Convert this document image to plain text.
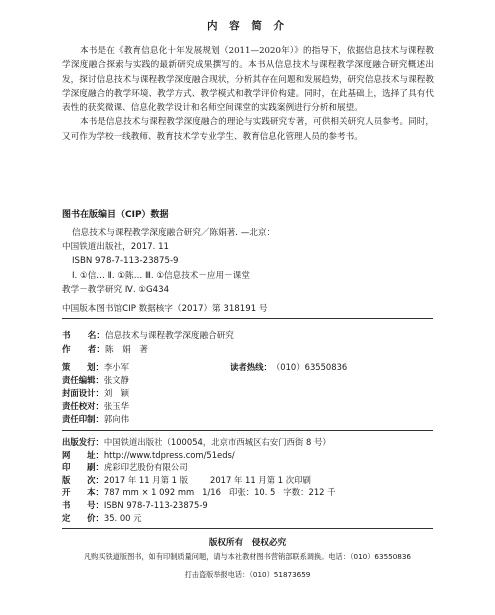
内 容 简 介

本书是在《教育信息化十年发展规划（2011—2020年）》的指导下，依据信息技术与课程教学深度融合探索与实践的最新研究成果撰写的。本书从信息技术与课程教学深度融合研究概述出发，探讨信息技术与课程教学深度融合现状，分析其存在问题和发展趋势，研究信息技术与课程教学深度融合的教学环境、教学方式、教学模式和教学评价构建。同时，在此基础上，选择了具有代表性的获奖微课、信息化教学设计和名师空间课堂的实践案例进行分析和展望。

本书是信息技术与课程教学深度融合的理论与实践研究专著，可供相关研究人员参考。同时，又可作为学校一线教师、教育技术学专业学生、教育信息化管理人员的参考书。

图书在版编目（CIP）数据
信息技术与课程教学深度融合研究／陈娟著. —北京：
中国铁道出版社，2017. 11
ISBN 978-7-113-23875-9
Ⅰ. ①信… Ⅱ. ①陈… Ⅲ. ①信息技术－应用－课堂
教学－教学研究 Ⅳ. ①G434
中国版本图书馆CIP 数据核字（2017）第 318191 号
书　　名：信息技术与课程教学深度融合研究
作　　者：陈　娟　著
策　　划：李小军	读者热线：（010）63550836
责任编辑：张文静
封面设计：刘　颖
责任校对：张玉华
责任印制：郭向伟
出版发行：中国铁道出版社（100054，北京市西城区右安门西街 8 号）
网　　址：http://www.tdpress.com/51eds/
印　　刷：虎彩印艺股份有限公司
版　　次：2017 年 11 月第 1 版	2017 年 11 月第 1 次印刷
开　　本：787 mm × 1 092 mm 1/16 印张：10. 5 字数：212 千
书　　号：ISBN 978-7-113-23875-9
定　　价：35. 00 元
版权所有　侵权必究
凡购买铁道版图书，如有印制质量问题，请与本社教材图书营销部联系调换。电话：（010）63550836
打击盗版举报电话：（010）51873659
